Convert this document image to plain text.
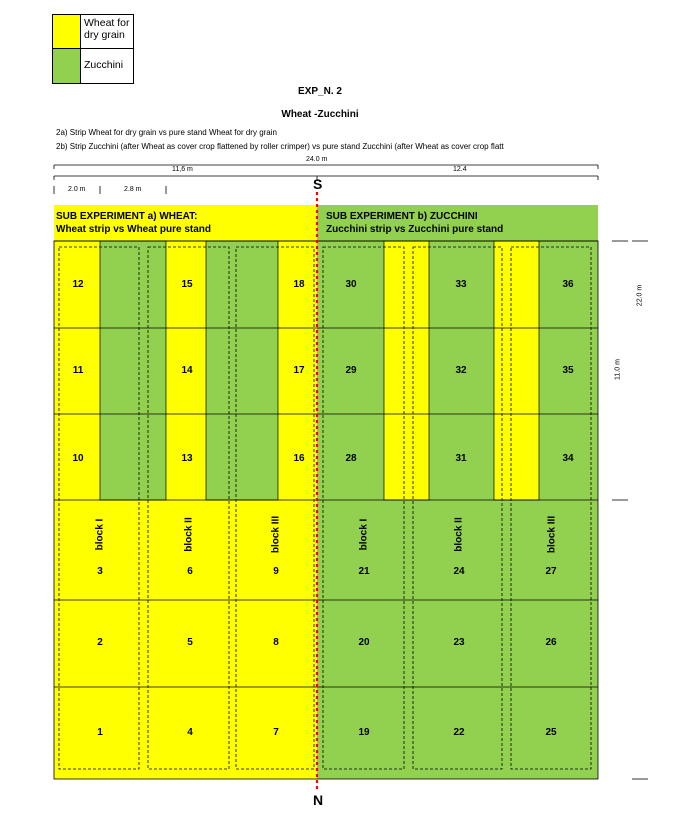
Wheat for
dry grain
Zucchini
EXP_N. 2
Wheat -Zucchini
2a) Strip Wheat for dry grain vs pure stand Wheat for dry grain
2b) Strip Zucchini (after Wheat as cover crop flattened by roller crimper) vs pure stand Zucchini (after Wheat as cover crop flatt
24.0 m
11,6 m	12.4
2.0 m	2.8 m	S
N
22.0 m
11.0 m
SUB EXPERIMENT a) WHEAT:
Wheat strip vs Wheat pure stand
SUB EXPERIMENT b) ZUCCHINI
Zucchini strip vs Zucchini pure stand
12	15	18	30	33	36
11	14	17	29	32	35
10	13	16	28	31	34
block I	block II	block III	block I	block II	block III
3	6	9	21	24	27
2	5	8	20	23	26
1	4	7	19	22	25
